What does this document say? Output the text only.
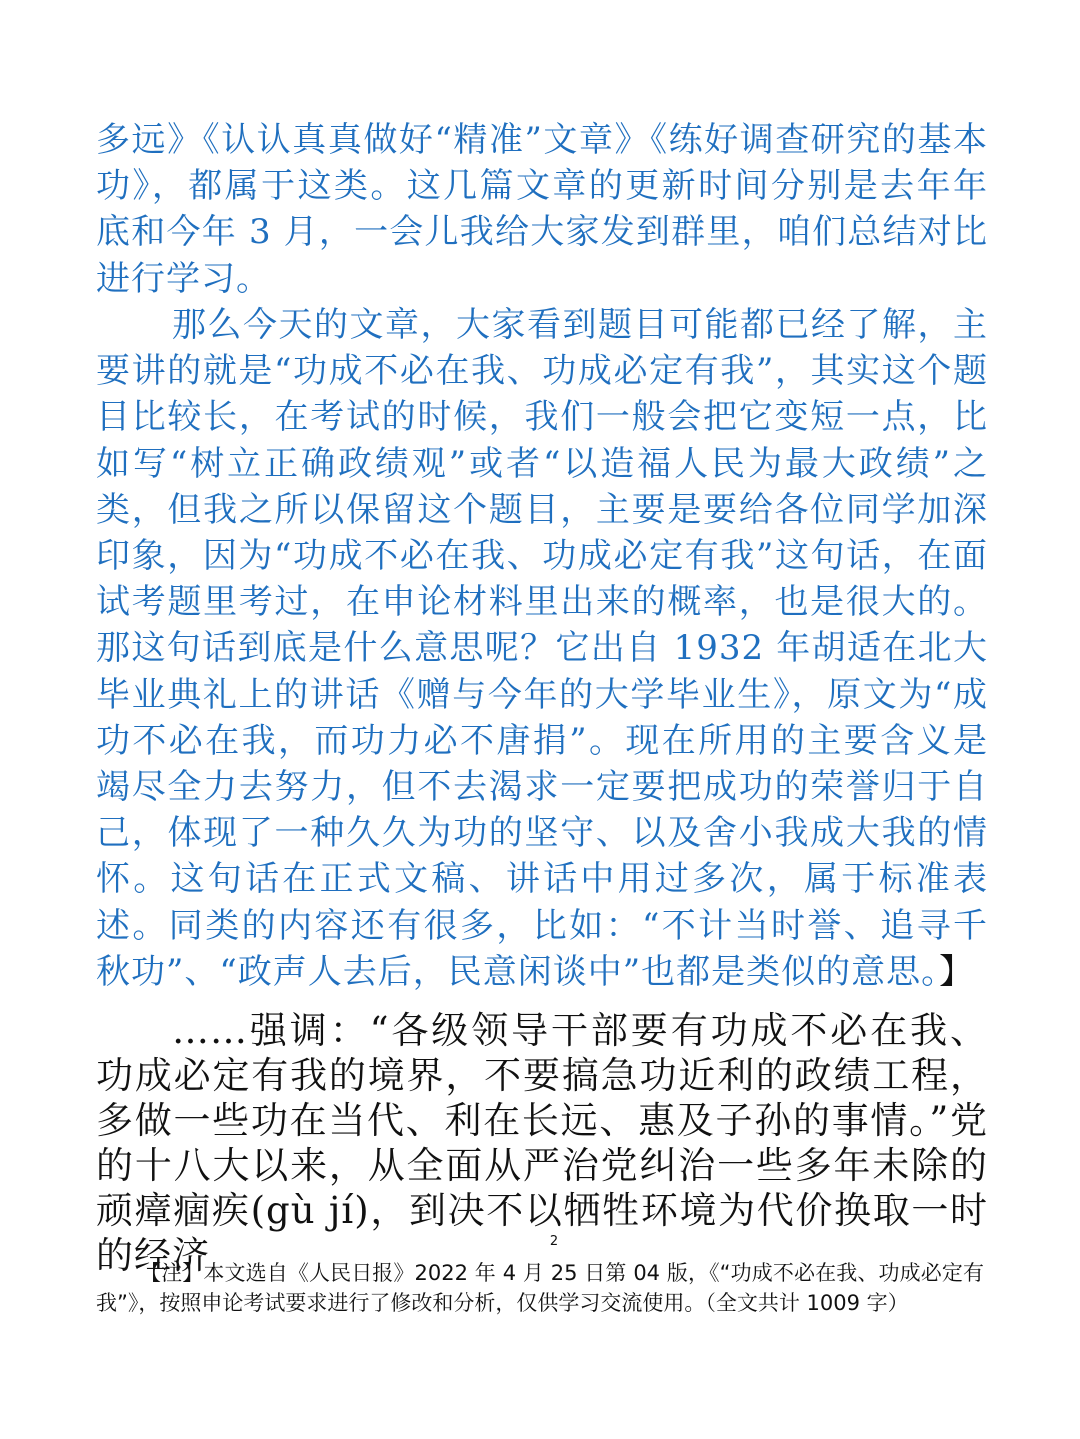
多远》《认认真真做好“精准”文章》《练好调查研究的基本功》，都属于这类。这几篇文章的更新时间分别是去年年底和今年 3 月，一会儿我给大家发到群里，咱们总结对比进行学习。

那么今天的文章，大家看到题目可能都已经了解，主要讲的就是“功成不必在我、功成必定有我”，其实这个题目比较长，在考试的时候，我们一般会把它变短一点，比如写“树立正确政绩观”或者“以造福人民为最大政绩”之类，但我之所以保留这个题目，主要是要给各位同学加深印象，因为“功成不必在我、功成必定有我”这句话，在面试考题里考过，在申论材料里出来的概率，也是很大的。那这句话到底是什么意思呢？它出自 1932 年胡适在北大毕业典礼上的讲话《赠与今年的大学毕业生》，原文为“成功不必在我，而功力必不唐捐”。现在所用的主要含义是竭尽全力去努力，但不去渴求一定要把成功的荣誉归于自己，体现了一种久久为功的坚守、以及舍小我成大我的情怀。这句话在正式文稿、讲话中用过多次，属于标准表述。同类的内容还有很多，比如：“不计当时誉、追寻千秋功”、“政声人去后，民意闲谈中”也都是类似的意思。】

……强调：“各级领导干部要有功成不必在我、功成必定有我的境界，不要搞急功近利的政绩工程，多做一些功在当代、利在长远、惠及子孙的事情。”党的十八大以来，从全面从严治党纠治一些多年未除的顽瘴痼疾(gù jí)，到决不以牺牲环境为代价换取一时的经济	2

【注】本文选自《人民日报》2022 年 4 月 25 日第 04 版，《“功成不必在我、功成必定有我”》，按照申论考试要求进行了修改和分析，仅供学习交流使用。（全文共计 1009 字）
